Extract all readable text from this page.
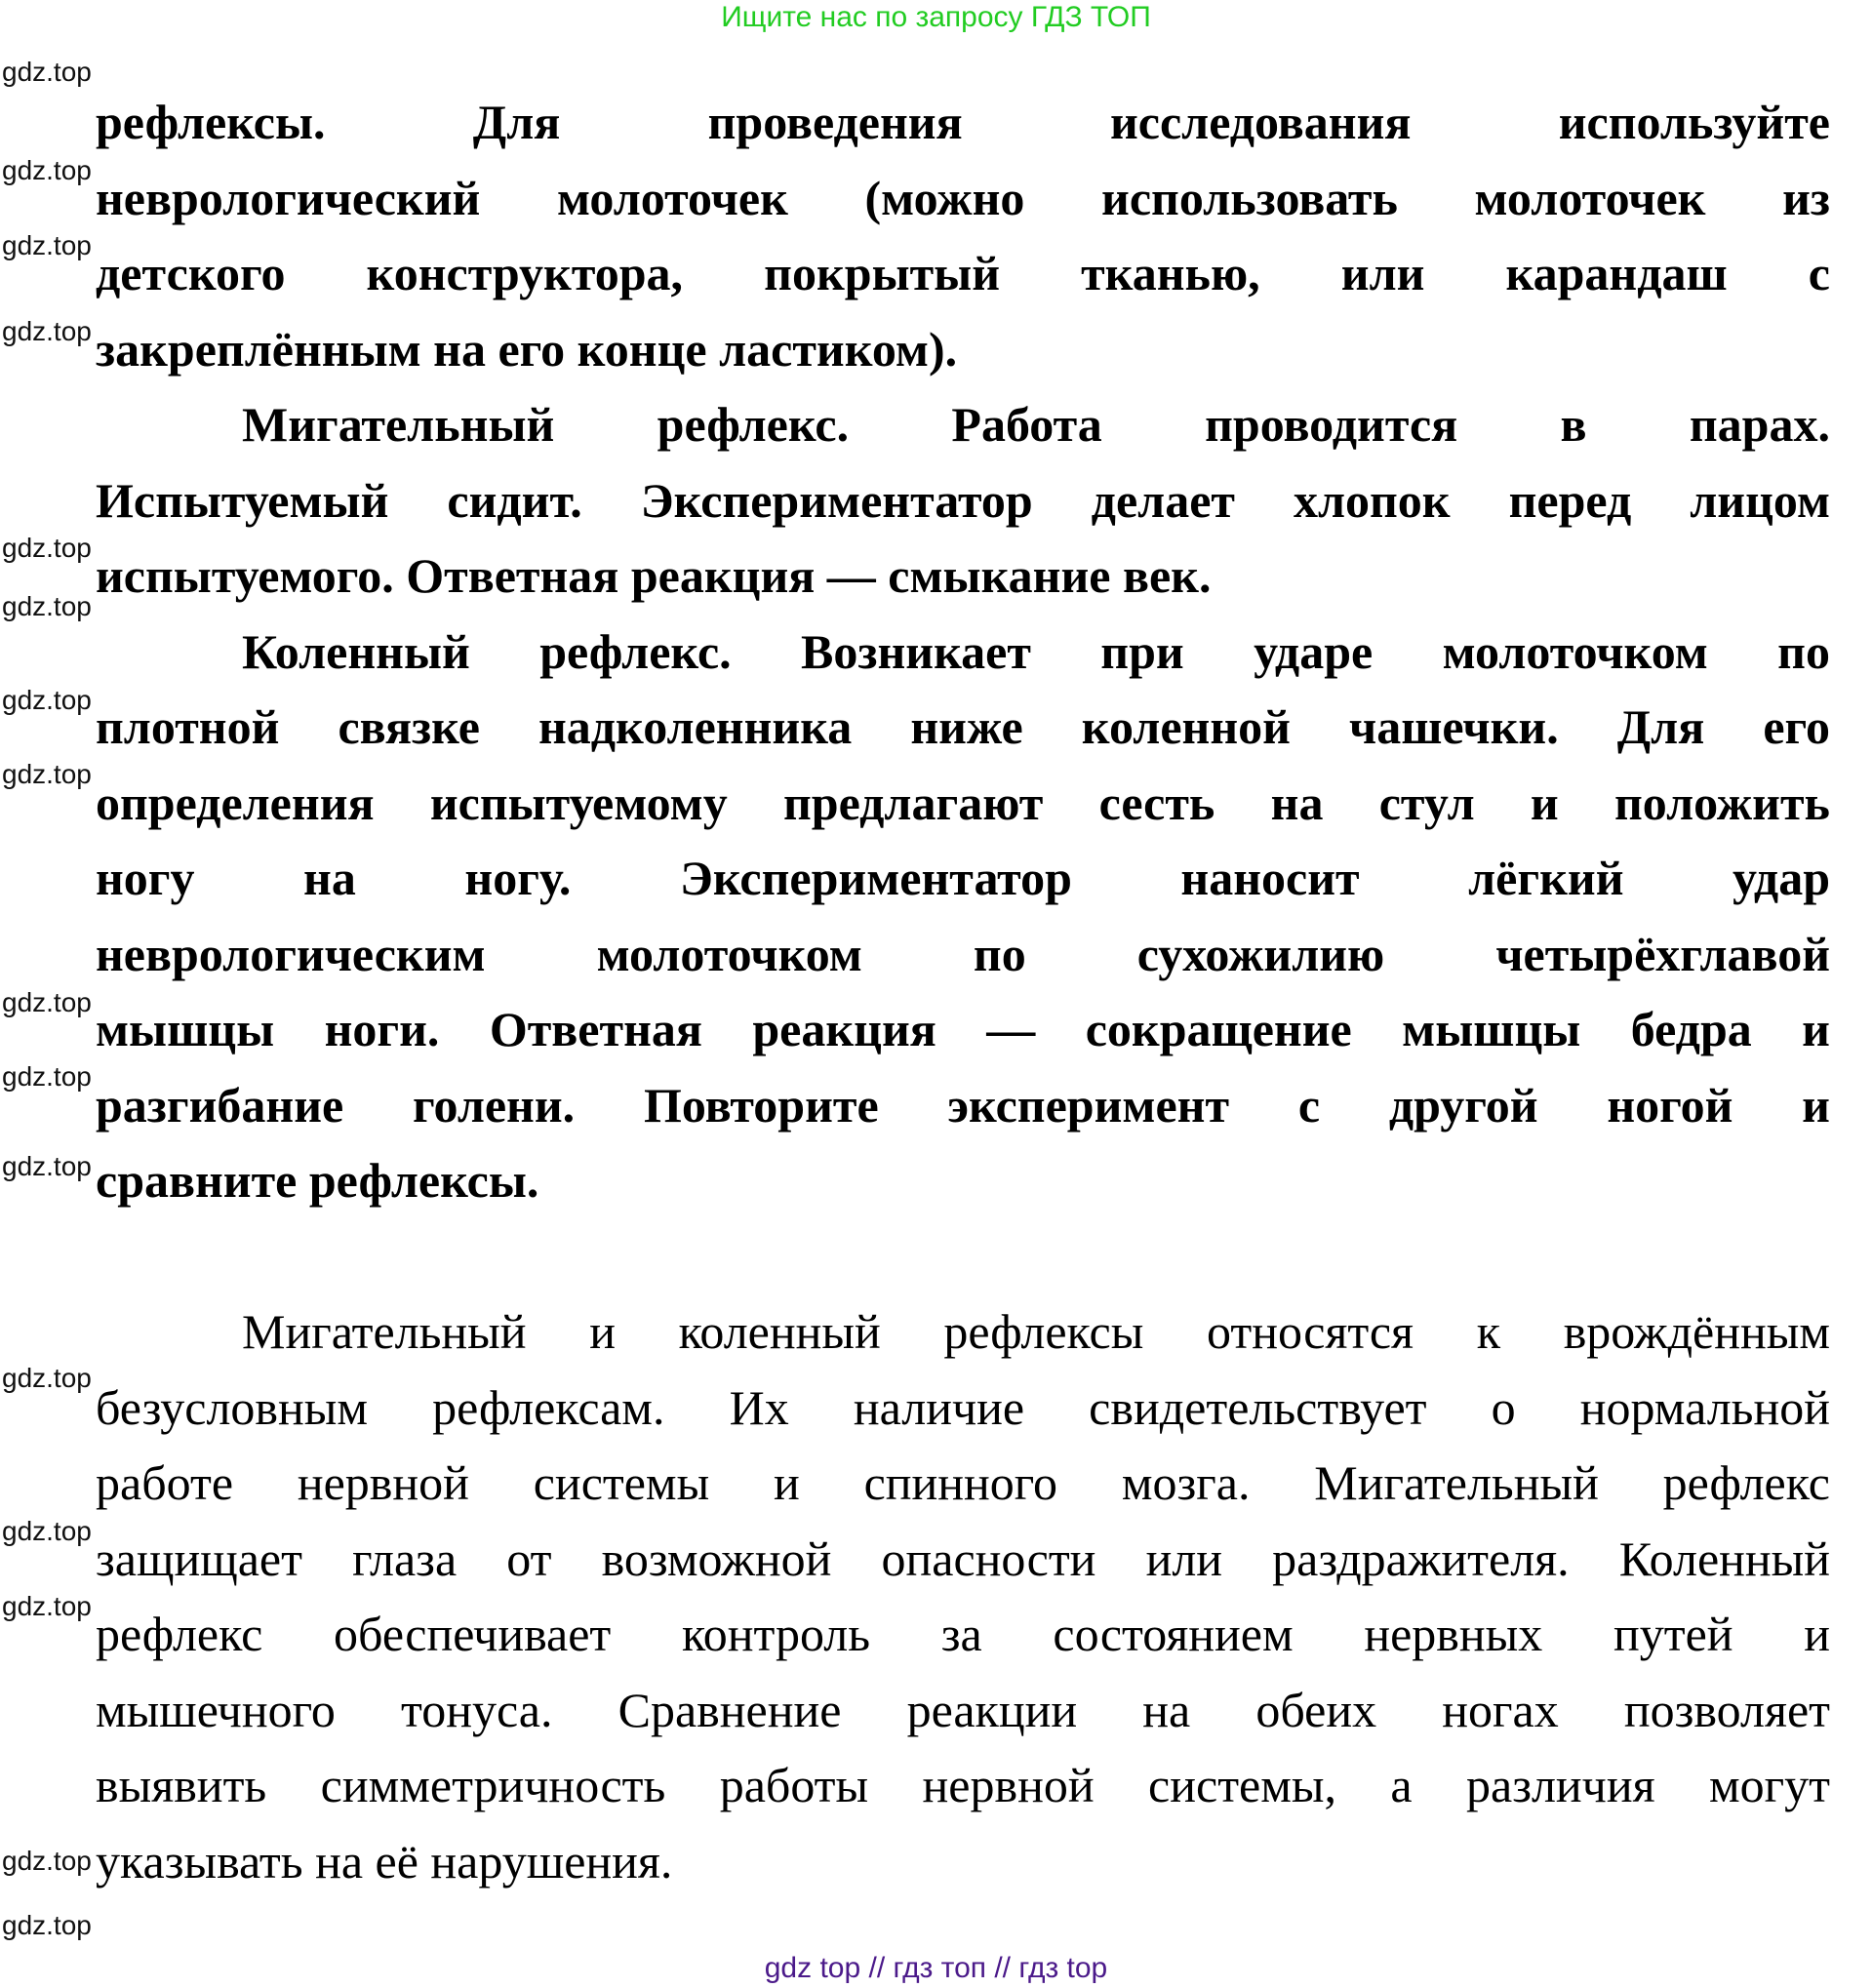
Ищите нас по запросу ГДЗ ТОП
рефлексы. Для проведения исследования используйте
неврологический молоточек (можно использовать молоточек из
детского конструктора, покрытый тканью, или карандаш с
закреплённым на его конце ластиком).
Мигательный рефлекс. Работа проводится в парах.
Испытуемый сидит. Экспериментатор делает хлопок перед лицом
испытуемого. Ответная реакция — смыкание век.
Коленный рефлекс. Возникает при ударе молоточком по
плотной связке надколенника ниже коленной чашечки. Для его
определения испытуемому предлагают сесть на стул и положить
ногу на ногу. Экспериментатор наносит лёгкий удар
неврологическим молоточком по сухожилию четырёхглавой
мышцы ноги. Ответная реакция — сокращение мышцы бедра и
разгибание голени. Повторите эксперимент с другой ногой и
сравните рефлексы.
Мигательный и коленный рефлексы относятся к врождённым
безусловным рефлексам. Их наличие свидетельствует о нормальной
работе нервной системы и спинного мозга. Мигательный рефлекс
защищает глаза от возможной опасности или раздражителя. Коленный
рефлекс обеспечивает контроль за состоянием нервных путей и
мышечного тонуса. Сравнение реакции на обеих ногах позволяет
выявить симметричность работы нервной системы, а различия могут
указывать на её нарушения.
gdz.top
gdz.top
gdz.top
gdz.top
gdz.top
gdz.top
gdz.top
gdz.top
gdz.top
gdz.top
gdz.top
gdz.top
gdz.top
gdz.top
gdz.top
gdz.top
gdz top // гдз топ // гдз top
